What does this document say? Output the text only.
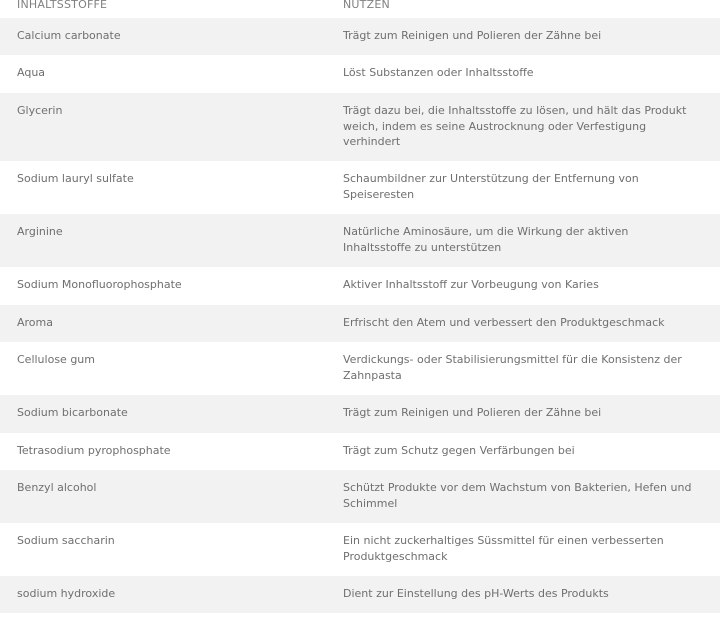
INHALTSSTOFFE	NUTZEN
Calcium carbonate	Trägt zum Reinigen und Polieren der Zähne bei
Aqua	Löst Substanzen oder Inhaltsstoffe
Glycerin	Trägt dazu bei, die Inhaltsstoffe zu lösen, und hält das Produkt weich, indem es seine Austrocknung oder Verfestigung verhindert
Sodium lauryl sulfate	Schaumbildner zur Unterstützung der Entfernung von Speiseresten
Arginine	Natürliche Aminosäure, um die Wirkung der aktiven Inhaltsstoffe zu unterstützen
Sodium Monofluorophosphate	Aktiver Inhaltsstoff zur Vorbeugung von Karies
Aroma	Erfrischt den Atem und verbessert den Produktgeschmack
Cellulose gum	Verdickungs- oder Stabilisierungsmittel für die Konsistenz der Zahnpasta
Sodium bicarbonate	Trägt zum Reinigen und Polieren der Zähne bei
Tetrasodium pyrophosphate	Trägt zum Schutz gegen Verfärbungen bei
Benzyl alcohol	Schützt Produkte vor dem Wachstum von Bakterien, Hefen und Schimmel
Sodium saccharin	Ein nicht zuckerhaltiges Süssmittel für einen verbesserten Produktgeschmack
sodium hydroxide	Dient zur Einstellung des pH-Werts des Produkts
